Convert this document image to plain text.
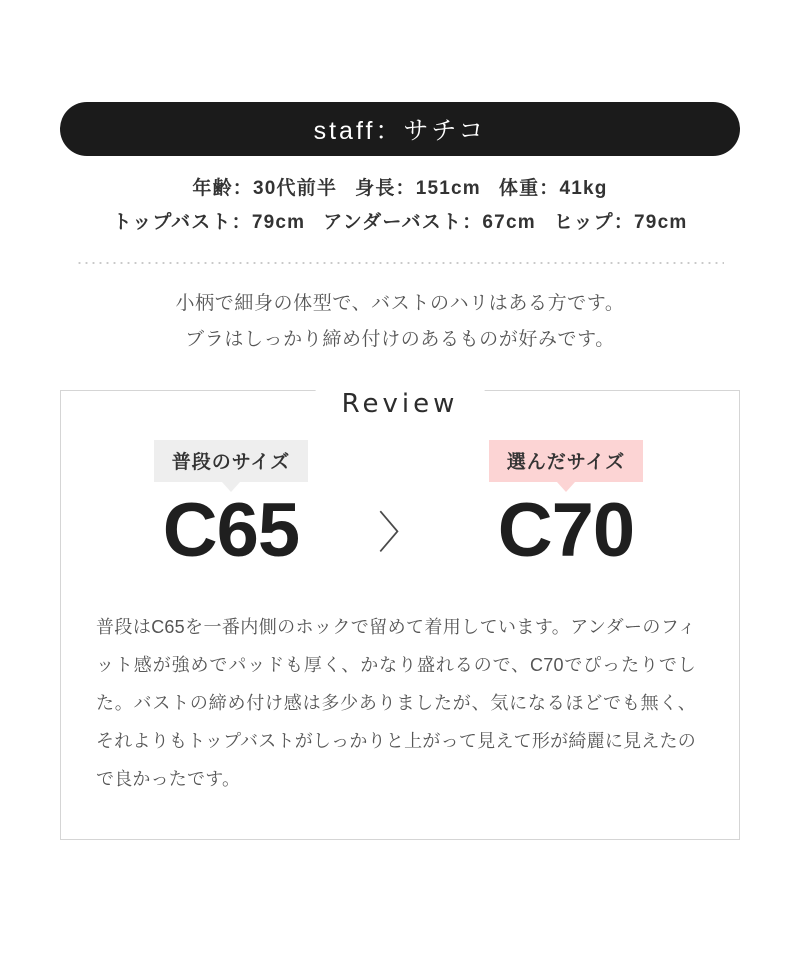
staff：サチコ
年齢：30代前半 身長：151cm 体重：41kg
トップバスト：79cm アンダーバスト：67cm ヒップ：79cm
小柄で細身の体型で、バストのハリはある方です。
ブラはしっかり締め付けのあるものが好みです。
Review
普段のサイズ
C65	〉
選んだサイズ
C70
普段はC65を一番内側のホックで留めて着用しています。アンダーのフィット感が強めでパッドも厚く、かなり盛れるので、C70でぴったりでした。バストの締め付け感は多少ありましたが、気になるほどでも無く、それよりもトップバストがしっかりと上がって見えて形が綺麗に見えたので良かったです。
